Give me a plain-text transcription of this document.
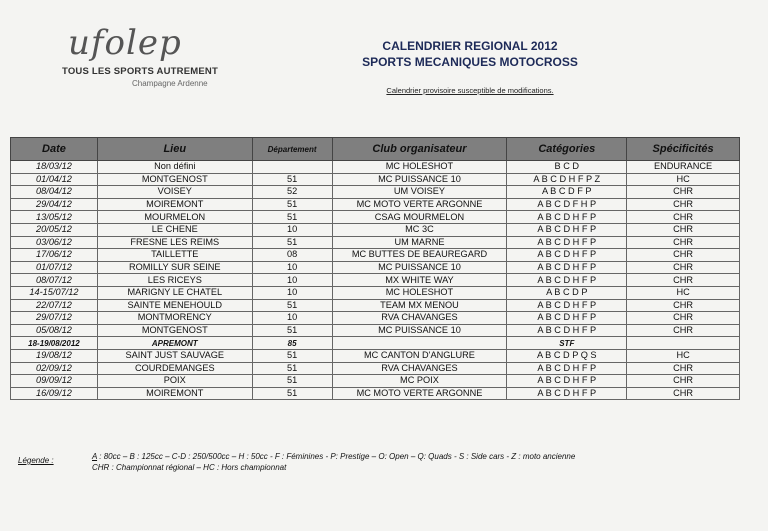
ufolep
TOUS LES SPORTS AUTREMENT
Champagne Ardenne
CALENDRIER REGIONAL 2012
SPORTS MECANIQUES MOTOCROSS
Calendrier provisoire susceptible de modifications.
Date	Lieu	Département	Club organisateur	Catégories	Spécificités
18/03/12	Non défini		MC HOLESHOT	B C D	ENDURANCE
01/04/12	MONTGENOST	51	MC PUISSANCE 10	A B C D H F P Z	HC
08/04/12	VOISEY	52	UM VOISEY	A B C D F P	CHR
29/04/12	MOIREMONT	51	MC MOTO VERTE ARGONNE	A B C D F H P	CHR
13/05/12	MOURMELON	51	CSAG MOURMELON	A B C D H F P	CHR
20/05/12	LE CHENE	10	MC 3C	A B C D H F P	CHR
03/06/12	FRESNE LES REIMS	51	UM MARNE	A B C D H F P	CHR
17/06/12	TAILLETTE	08	MC BUTTES DE BEAUREGARD	A B C D H F P	CHR
01/07/12	ROMILLY SUR SEINE	10	MC PUISSANCE 10	A B C D H F P	CHR
08/07/12	LES RICEYS	10	MX WHITE WAY	A B C D H F P	CHR
14-15/07/12	MARIGNY LE CHATEL	10	MC HOLESHOT	A B C D P	HC
22/07/12	SAINTE MENEHOULD	51	TEAM MX MENOU	A B C D H F P	CHR
29/07/12	MONTMORENCY	10	RVA CHAVANGES	A B C D H F P	CHR
05/08/12	MONTGENOST	51	MC PUISSANCE 10	A B C D H F P	CHR
18-19/08/2012	APREMONT	85		STF	
19/08/12	SAINT JUST SAUVAGE	51	MC CANTON D'ANGLURE	A B C D P Q S	HC
02/09/12	COURDEMANGES	51	RVA CHAVANGES	A B C D H F P	CHR
09/09/12	POIX	51	MC POIX	A B C D H F P	CHR
16/09/12	MOIREMONT	51	MC MOTO VERTE ARGONNE	A B C D H F P	CHR
Légende :	A : 80cc – B : 125cc – C-D : 250/500cc – H : 50cc - F : Féminines - P: Prestige – O: Open – Q: Quads - S : Side cars - Z : moto ancienne
CHR : Championnat régional – HC : Hors championnat
